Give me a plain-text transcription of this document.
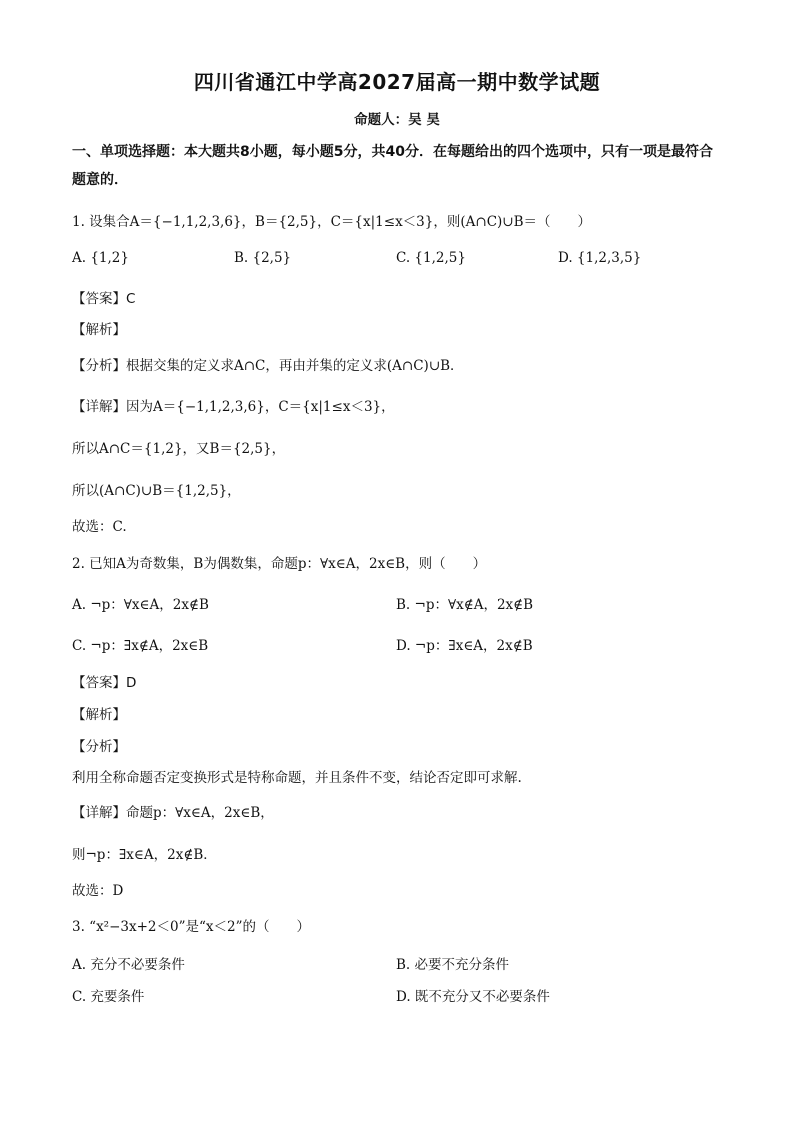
四川省通江中学高2027届高一期中数学试题
命题人：吴 昊
一、单项选择题：本大题共8小题，每小题5分，共40分．在每题给出的四个选项中，只有一项是最符合题意的．
1. 设集合A＝{−1,1,2,3,6}，B＝{2,5}，C＝{x|1≤x＜3}，则(A∩C)∪B＝（　　）
A. {1,2}	B. {2,5}	C. {1,2,5}	D. {1,2,3,5}
【答案】C
【解析】
【分析】根据交集的定义求A∩C，再由并集的定义求(A∩C)∪B．
【详解】因为A＝{−1,1,2,3,6}，C＝{x|1≤x＜3}，
所以A∩C＝{1,2}，又B＝{2,5}，
所以(A∩C)∪B＝{1,2,5}，
故选：C.
2. 已知A为奇数集，B为偶数集，命题p：∀x∈A，2x∈B，则（　　）
A. ¬p：∀x∈A，2x∉B	B. ¬p：∀x∉A，2x∉B
C. ¬p：∃x∉A，2x∈B	D. ¬p：∃x∈A，2x∉B
【答案】D
【解析】
【分析】
利用全称命题否定变换形式是特称命题，并且条件不变，结论否定即可求解.
【详解】命题p：∀x∈A，2x∈B，
则¬p：∃x∈A，2x∉B．
故选：D
3. “x²−3x+2＜0”是“x＜2”的（　　）
A. 充分不必要条件	B. 必要不充分条件
C. 充要条件	D. 既不充分又不必要条件
